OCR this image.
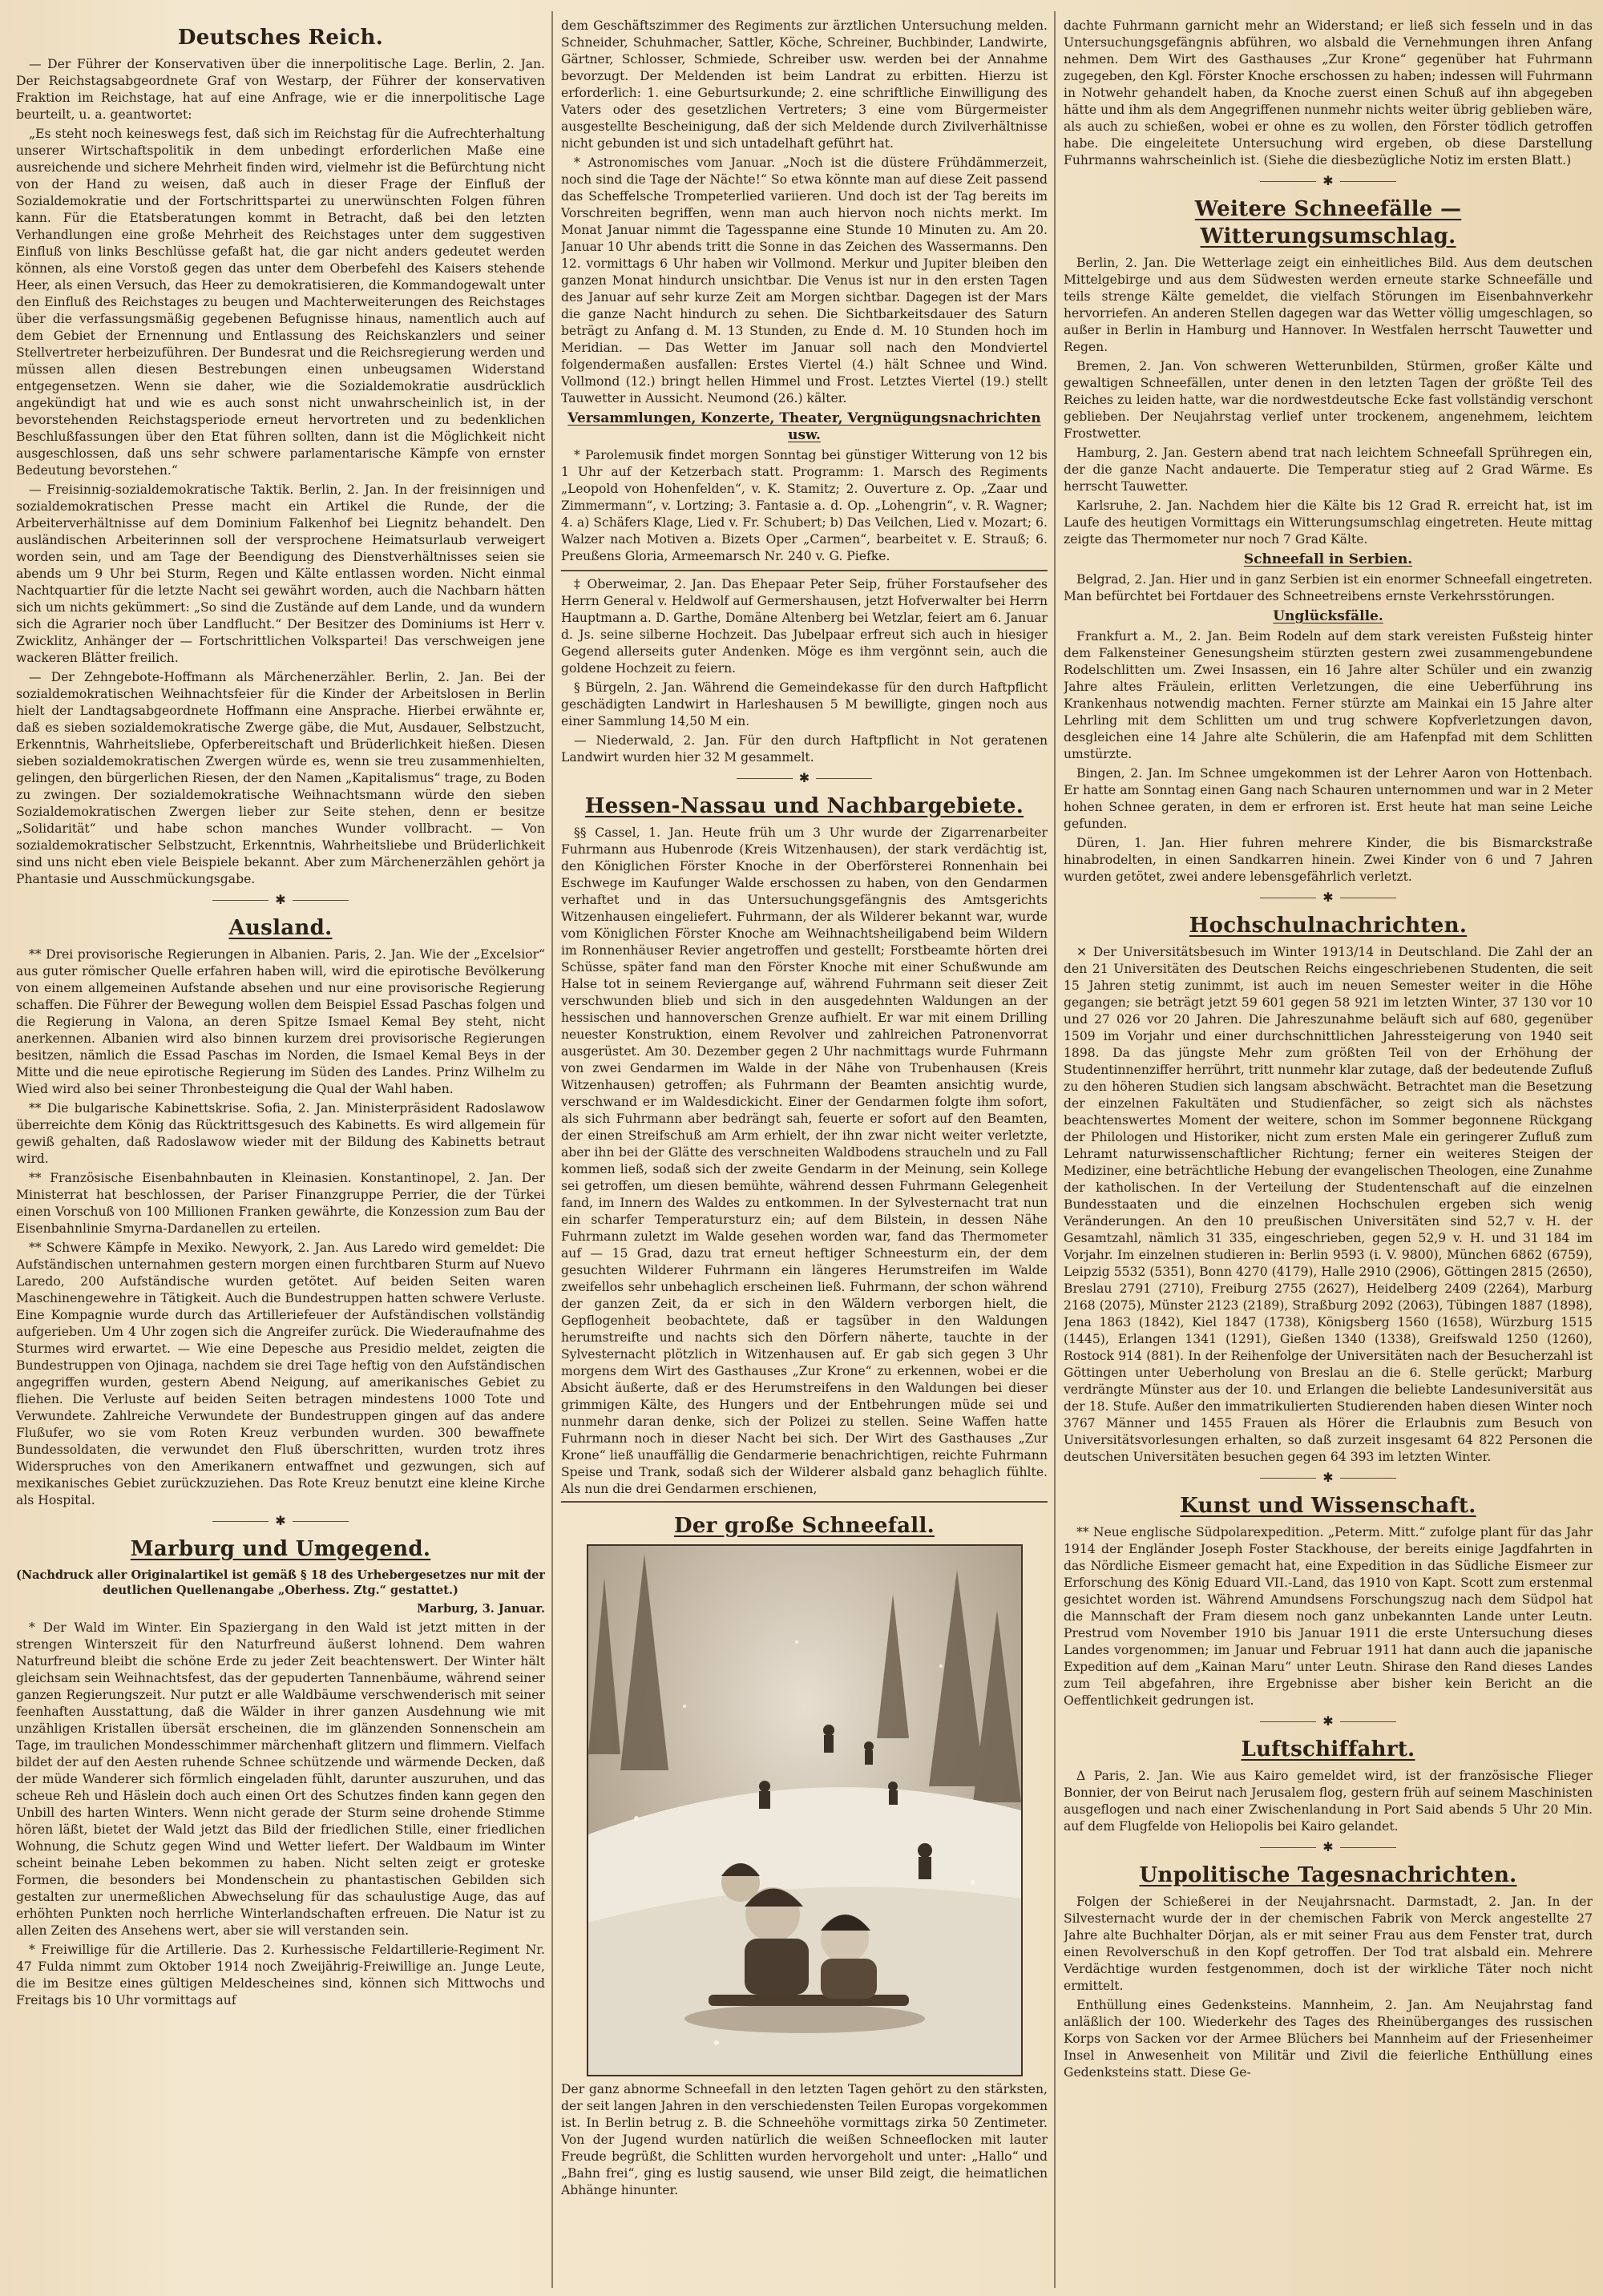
Deutsches Reich.

— Der Führer der Konservativen über die innerpolitische Lage. Berlin, 2. Jan. Der Reichstagsabgeordnete Graf von Westarp, der Führer der konservativen Fraktion im Reichstage, hat auf eine Anfrage, wie er die innerpolitische Lage beurteilt, u. a. geantwortet:

„Es steht noch keineswegs fest, daß sich im Reichstag für die Aufrechterhaltung unserer Wirtschaftspolitik in dem unbedingt erforderlichen Maße eine ausreichende und sichere Mehrheit finden wird, vielmehr ist die Befürchtung nicht von der Hand zu weisen, daß auch in dieser Frage der Einfluß der Sozialdemokratie und der Fortschrittspartei zu unerwünschten Folgen führen kann. Für die Etatsberatungen kommt in Betracht, daß bei den letzten Verhandlungen eine große Mehrheit des Reichstages unter dem suggestiven Einfluß von links Beschlüsse gefaßt hat, die gar nicht anders gedeutet werden können, als eine Vorstoß gegen das unter dem Oberbefehl des Kaisers stehende Heer, als einen Versuch, das Heer zu demokratisieren, die Kommandogewalt unter den Einfluß des Reichstages zu beugen und Machterweiterungen des Reichstages über die verfassungsmäßig gegebenen Befugnisse hinaus, namentlich auch auf dem Gebiet der Ernennung und Entlassung des Reichskanzlers und seiner Stellvertreter herbeizuführen. Der Bundesrat und die Reichsregierung werden und müssen allen diesen Bestrebungen einen unbeugsamen Widerstand entgegensetzen. Wenn sie daher, wie die Sozialdemokratie ausdrücklich angekündigt hat und wie es auch sonst nicht unwahrscheinlich ist, in der bevorstehenden Reichstagsperiode erneut hervortreten und zu bedenklichen Beschlußfassungen über den Etat führen sollten, dann ist die Möglichkeit nicht ausgeschlossen, daß uns sehr schwere parlamentarische Kämpfe von ernster Bedeutung bevorstehen.“

— Freisinnig-sozialdemokratische Taktik. Berlin, 2. Jan. In der freisinnigen und sozialdemokratischen Presse macht ein Artikel die Runde, der die Arbeiterverhältnisse auf dem Dominium Falkenhof bei Liegnitz behandelt. Den ausländischen Arbeiterinnen soll der versprochene Heimatsurlaub verweigert worden sein, und am Tage der Beendigung des Dienstverhältnisses seien sie abends um 9 Uhr bei Sturm, Regen und Kälte entlassen worden. Nicht einmal Nachtquartier für die letzte Nacht sei gewährt worden, auch die Nachbarn hätten sich um nichts gekümmert: „So sind die Zustände auf dem Lande, und da wundern sich die Agrarier noch über Landflucht.“ Der Besitzer des Dominiums ist Herr v. Zwicklitz, Anhänger der — Fortschrittlichen Volkspartei! Das verschweigen jene wackeren Blätter freilich.

— Der Zehngebote-Hoffmann als Märchenerzähler. Berlin, 2. Jan. Bei der sozialdemokratischen Weihnachtsfeier für die Kinder der Arbeitslosen in Berlin hielt der Landtagsabgeordnete Hoffmann eine Ansprache. Hierbei erwähnte er, daß es sieben sozialdemokratische Zwerge gäbe, die Mut, Ausdauer, Selbstzucht, Erkenntnis, Wahrheitsliebe, Opferbereitschaft und Brüderlichkeit hießen. Diesen sieben sozialdemokratischen Zwergen würde es, wenn sie treu zusammenhielten, gelingen, den bürgerlichen Riesen, der den Namen „Kapitalismus“ trage, zu Boden zu zwingen. Der sozialdemokratische Weihnachtsmann würde den sieben Sozialdemokratischen Zwergen lieber zur Seite stehen, denn er besitze „Solidarität“ und habe schon manches Wunder vollbracht. — Von sozialdemokratischer Selbstzucht, Erkenntnis, Wahrheitsliebe und Brüderlichkeit sind uns nicht eben viele Beispiele bekannt. Aber zum Märchenerzählen gehört ja Phantasie und Ausschmückungsgabe.

✱
Ausland.

** Drei provisorische Regierungen in Albanien. Paris, 2. Jan. Wie der „Excelsior“ aus guter römischer Quelle erfahren haben will, wird die epirotische Bevölkerung von einem allgemeinen Aufstande absehen und nur eine provisorische Regierung schaffen. Die Führer der Bewegung wollen dem Beispiel Essad Paschas folgen und die Regierung in Valona, an deren Spitze Ismael Kemal Bey steht, nicht anerkennen. Albanien wird also binnen kurzem drei provisorische Regierungen besitzen, nämlich die Essad Paschas im Norden, die Ismael Kemal Beys in der Mitte und die neue epirotische Regierung im Süden des Landes. Prinz Wilhelm zu Wied wird also bei seiner Thronbesteigung die Qual der Wahl haben.

** Die bulgarische Kabinettskrise. Sofia, 2. Jan. Ministerpräsident Radoslawow überreichte dem König das Rücktrittsgesuch des Kabinetts. Es wird allgemein für gewiß gehalten, daß Radoslawow wieder mit der Bildung des Kabinetts betraut wird.

** Französische Eisenbahnbauten in Kleinasien. Konstantinopel, 2. Jan. Der Ministerrat hat beschlossen, der Pariser Finanzgruppe Perrier, die der Türkei einen Vorschuß von 100 Millionen Franken gewährte, die Konzession zum Bau der Eisenbahnlinie Smyrna-Dardanellen zu erteilen.

** Schwere Kämpfe in Mexiko. Newyork, 2. Jan. Aus Laredo wird gemeldet: Die Aufständischen unternahmen gestern morgen einen furchtbaren Sturm auf Nuevo Laredo, 200 Aufständische wurden getötet. Auf beiden Seiten waren Maschinengewehre in Tätigkeit. Auch die Bundestruppen hatten schwere Verluste. Eine Kompagnie wurde durch das Artilleriefeuer der Aufständischen vollständig aufgerieben. Um 4 Uhr zogen sich die Angreifer zurück. Die Wiederaufnahme des Sturmes wird erwartet. — Wie eine Depesche aus Presidio meldet, zeigten die Bundestruppen von Ojinaga, nachdem sie drei Tage heftig von den Aufständischen angegriffen wurden, gestern Abend Neigung, auf amerikanisches Gebiet zu fliehen. Die Verluste auf beiden Seiten betragen mindestens 1000 Tote und Verwundete. Zahlreiche Verwundete der Bundestruppen gingen auf das andere Flußufer, wo sie vom Roten Kreuz verbunden wurden. 300 bewaffnete Bundessoldaten, die verwundet den Fluß überschritten, wurden trotz ihres Widerspruches von den Amerikanern entwaffnet und gezwungen, sich auf mexikanisches Gebiet zurückzuziehen. Das Rote Kreuz benutzt eine kleine Kirche als Hospital.

✱
Marburg und Umgegend.
(Nachdruck aller Originalartikel ist gemäß § 18 des Urhebergesetzes nur mit der deutlichen Quellenangabe „Oberhess. Ztg.“ gestattet.)
Marburg, 3. Januar.

* Der Wald im Winter. Ein Spaziergang in den Wald ist jetzt mitten in der strengen Winterszeit für den Naturfreund äußerst lohnend. Dem wahren Naturfreund bleibt die schöne Erde zu jeder Zeit beachtenswert. Der Winter hält gleichsam sein Weihnachtsfest, das der gepuderten Tannenbäume, während seiner ganzen Regierungszeit. Nur putzt er alle Waldbäume verschwenderisch mit seiner feenhaften Ausstattung, daß die Wälder in ihrer ganzen Ausdehnung wie mit unzähligen Kristallen übersät erscheinen, die im glänzenden Sonnenschein am Tage, im traulichen Mondesschimmer märchenhaft glitzern und flimmern. Vielfach bildet der auf den Aesten ruhende Schnee schützende und wärmende Decken, daß der müde Wanderer sich förmlich eingeladen fühlt, darunter auszuruhen, und das scheue Reh und Häslein doch auch einen Ort des Schutzes finden kann gegen den Unbill des harten Winters. Wenn nicht gerade der Sturm seine drohende Stimme hören läßt, bietet der Wald jetzt das Bild der friedlichen Stille, einer friedlichen Wohnung, die Schutz gegen Wind und Wetter liefert. Der Waldbaum im Winter scheint beinahe Leben bekommen zu haben. Nicht selten zeigt er groteske Formen, die besonders bei Mondenschein zu phantastischen Gebilden sich gestalten zur unermeßlichen Abwechselung für das schaulustige Auge, das auf erhöhten Punkten noch herrliche Winterlandschaften erfreuen. Die Natur ist zu allen Zeiten des Ansehens wert, aber sie will verstanden sein.

* Freiwillige für die Artillerie. Das 2. Kurhessische Feldartillerie-Regiment Nr. 47 Fulda nimmt zum Oktober 1914 noch Zweijährig-Freiwillige an. Junge Leute, die im Besitze eines gültigen Meldescheines sind, können sich Mittwochs und Freitags bis 10 Uhr vormittags auf

dem Geschäftszimmer des Regiments zur ärztlichen Untersuchung melden. Schneider, Schuhmacher, Sattler, Köche, Schreiner, Buchbinder, Landwirte, Gärtner, Schlosser, Schmiede, Schreiber usw. werden bei der Annahme bevorzugt. Der Meldenden ist beim Landrat zu erbitten. Hierzu ist erforderlich: 1. eine Geburtsurkunde; 2. eine schriftliche Einwilligung des Vaters oder des gesetzlichen Vertreters; 3 eine vom Bürgermeister ausgestellte Bescheinigung, daß der sich Meldende durch Zivilverhältnisse nicht gebunden ist und sich untadelhaft geführt hat.

* Astronomisches vom Januar. „Noch ist die düstere Frühdämmerzeit, noch sind die Tage der Nächte!“ So etwa könnte man auf diese Zeit passend das Scheffelsche Trompeterlied variieren. Und doch ist der Tag bereits im Vorschreiten begriffen, wenn man auch hiervon noch nichts merkt. Im Monat Januar nimmt die Tagesspanne eine Stunde 10 Minuten zu. Am 20. Januar 10 Uhr abends tritt die Sonne in das Zeichen des Wassermanns. Den 12. vormittags 6 Uhr haben wir Vollmond. Merkur und Jupiter bleiben den ganzen Monat hindurch unsichtbar. Die Venus ist nur in den ersten Tagen des Januar auf sehr kurze Zeit am Morgen sichtbar. Dagegen ist der Mars die ganze Nacht hindurch zu sehen. Die Sichtbarkeitsdauer des Saturn beträgt zu Anfang d. M. 13 Stunden, zu Ende d. M. 10 Stunden hoch im Meridian. — Das Wetter im Januar soll nach den Mondviertel folgendermaßen ausfallen: Erstes Viertel (4.) hält Schnee und Wind. Vollmond (12.) bringt hellen Himmel und Frost. Letztes Viertel (19.) stellt Tauwetter in Aussicht. Neumond (26.) kälter.

Versammlungen, Konzerte, Theater, Vergnügungsnachrichten usw.

* Parolemusik findet morgen Sonntag bei günstiger Witterung von 12 bis 1 Uhr auf der Ketzerbach statt. Programm: 1. Marsch des Regiments „Leopold von Hohenfelden“, v. K. Stamitz; 2. Ouverture z. Op. „Zaar und Zimmermann“, v. Lortzing; 3. Fantasie a. d. Op. „Lohengrin“, v. R. Wagner; 4. a) Schäfers Klage, Lied v. Fr. Schubert; b) Das Veilchen, Lied v. Mozart; 6. Walzer nach Motiven a. Bizets Oper „Carmen“, bearbeitet v. E. Strauß; 6. Preußens Gloria, Armeemarsch Nr. 240 v. G. Piefke.

‡ Oberweimar, 2. Jan. Das Ehepaar Peter Seip, früher Forstaufseher des Herrn General v. Heldwolf auf Germershausen, jetzt Hofverwalter bei Herrn Hauptmann a. D. Garthe, Domäne Altenberg bei Wetzlar, feiert am 6. Januar d. Js. seine silberne Hochzeit. Das Jubelpaar erfreut sich auch in hiesiger Gegend allerseits guter Andenken. Möge es ihm vergönnt sein, auch die goldene Hochzeit zu feiern.

§ Bürgeln, 2. Jan. Während die Gemeindekasse für den durch Haftpflicht geschädigten Landwirt in Harleshausen 5 M bewilligte, gingen noch aus einer Sammlung 14,50 M ein.

— Niederwald, 2. Jan. Für den durch Haftpflicht in Not geratenen Landwirt wurden hier 32 M gesammelt.

✱
Hessen-Nassau und Nachbargebiete.

§§ Cassel, 1. Jan. Heute früh um 3 Uhr wurde der Zigarrenarbeiter Fuhrmann aus Hubenrode (Kreis Witzenhausen), der stark verdächtig ist, den Königlichen Förster Knoche in der Oberförsterei Ronnenhain bei Eschwege im Kaufunger Walde erschossen zu haben, von den Gendarmen verhaftet und in das Untersuchungsgefängnis des Amtsgerichts Witzenhausen eingeliefert. Fuhrmann, der als Wilderer bekannt war, wurde vom Königlichen Förster Knoche am Weihnachtsheiligabend beim Wildern im Ronnenhäuser Revier angetroffen und gestellt; Forstbeamte hörten drei Schüsse, später fand man den Förster Knoche mit einer Schußwunde am Halse tot in seinem Reviergange auf, während Fuhrmann seit dieser Zeit verschwunden blieb und sich in den ausgedehnten Waldungen an der hessischen und hannoverschen Grenze aufhielt. Er war mit einem Drilling neuester Konstruktion, einem Revolver und zahlreichen Patronenvorrat ausgerüstet. Am 30. Dezember gegen 2 Uhr nachmittags wurde Fuhrmann von zwei Gendarmen im Walde in der Nähe von Trubenhausen (Kreis Witzenhausen) getroffen; als Fuhrmann der Beamten ansichtig wurde, verschwand er im Waldesdickicht. Einer der Gendarmen folgte ihm sofort, als sich Fuhrmann aber bedrängt sah, feuerte er sofort auf den Beamten, der einen Streifschuß am Arm erhielt, der ihn zwar nicht weiter verletzte, aber ihn bei der Glätte des verschneiten Waldbodens straucheln und zu Fall kommen ließ, sodaß sich der zweite Gendarm in der Meinung, sein Kollege sei getroffen, um diesen bemühte, während dessen Fuhrmann Gelegenheit fand, im Innern des Waldes zu entkommen. In der Sylvesternacht trat nun ein scharfer Temperatursturz ein; auf dem Bilstein, in dessen Nähe Fuhrmann zuletzt im Walde gesehen worden war, fand das Thermometer auf — 15 Grad, dazu trat erneut heftiger Schneesturm ein, der dem gesuchten Wilderer Fuhrmann ein längeres Herumstreifen im Walde zweifellos sehr unbehaglich erscheinen ließ. Fuhrmann, der schon während der ganzen Zeit, da er sich in den Wäldern verborgen hielt, die Gepflogenheit beobachtete, daß er tagsüber in den Waldungen herumstreifte und nachts sich den Dörfern näherte, tauchte in der Sylvesternacht plötzlich in Witzenhausen auf. Er gab sich gegen 3 Uhr morgens dem Wirt des Gasthauses „Zur Krone“ zu erkennen, wobei er die Absicht äußerte, daß er des Herumstreifens in den Waldungen bei dieser grimmigen Kälte, des Hungers und der Entbehrungen müde sei und nunmehr daran denke, sich der Polizei zu stellen. Seine Waffen hatte Fuhrmann noch in dieser Nacht bei sich. Der Wirt des Gasthauses „Zur Krone“ ließ unauffällig die Gendarmerie benachrichtigen, reichte Fuhrmann Speise und Trank, sodaß sich der Wilderer alsbald ganz behaglich fühlte. Als nun die drei Gendarmen erschienen,

Der große Schneefall.
Der ganz abnorme Schneefall in den letzten Tagen gehört zu den stärksten, der seit langen Jahren in den verschiedensten Teilen Europas vorgekommen ist. In Berlin betrug z. B. die Schneehöhe vormittags zirka 50 Zentimeter. Von der Jugend wurden natürlich die weißen Schneeflocken mit lauter Freude begrüßt, die Schlitten wurden hervorgeholt und unter: „Hallo“ und „Bahn frei“, ging es lustig sausend, wie unser Bild zeigt, die heimatlichen Abhänge hinunter.

dachte Fuhrmann garnicht mehr an Widerstand; er ließ sich fesseln und in das Untersuchungsgefängnis abführen, wo alsbald die Vernehmungen ihren Anfang nehmen. Dem Wirt des Gasthauses „Zur Krone“ gegenüber hat Fuhrmann zugegeben, den Kgl. Förster Knoche erschossen zu haben; indessen will Fuhrmann in Notwehr gehandelt haben, da Knoche zuerst einen Schuß auf ihn abgegeben hätte und ihm als dem Angegriffenen nunmehr nichts weiter übrig geblieben wäre, als auch zu schießen, wobei er ohne es zu wollen, den Förster tödlich getroffen habe. Die eingeleitete Untersuchung wird ergeben, ob diese Darstellung Fuhrmanns wahrscheinlich ist. (Siehe die diesbezügliche Notiz im ersten Blatt.)

✱
Weitere Schneefälle — Witterungsumschlag.

Berlin, 2. Jan. Die Wetterlage zeigt ein einheitliches Bild. Aus dem deutschen Mittelgebirge und aus dem Südwesten werden erneute starke Schneefälle und teils strenge Kälte gemeldet, die vielfach Störungen im Eisenbahnverkehr hervorriefen. An anderen Stellen dagegen war das Wetter völlig umgeschlagen, so außer in Berlin in Hamburg und Hannover. In Westfalen herrscht Tauwetter und Regen.

Bremen, 2. Jan. Von schweren Wetterunbilden, Stürmen, großer Kälte und gewaltigen Schneefällen, unter denen in den letzten Tagen der größte Teil des Reiches zu leiden hatte, war die nordwestdeutsche Ecke fast vollständig verschont geblieben. Der Neujahrstag verlief unter trockenem, angenehmem, leichtem Frostwetter.

Hamburg, 2. Jan. Gestern abend trat nach leichtem Schneefall Sprühregen ein, der die ganze Nacht andauerte. Die Temperatur stieg auf 2 Grad Wärme. Es herrscht Tauwetter.

Karlsruhe, 2. Jan. Nachdem hier die Kälte bis 12 Grad R. erreicht hat, ist im Laufe des heutigen Vormittags ein Witterungsumschlag eingetreten. Heute mittag zeigte das Thermometer nur noch 7 Grad Kälte.

Schneefall in Serbien.

Belgrad, 2. Jan. Hier und in ganz Serbien ist ein enormer Schneefall eingetreten. Man befürchtet bei Fortdauer des Schneetreibens ernste Verkehrsstörungen.

Unglücksfälle.

Frankfurt a. M., 2. Jan. Beim Rodeln auf dem stark vereisten Fußsteig hinter dem Falkensteiner Genesungsheim stürzten gestern zwei zusammengebundene Rodelschlitten um. Zwei Insassen, ein 16 Jahre alter Schüler und ein zwanzig Jahre altes Fräulein, erlitten Verletzungen, die eine Ueberführung ins Krankenhaus notwendig machten. Ferner stürzte am Mainkai ein 15 Jahre alter Lehrling mit dem Schlitten um und trug schwere Kopfverletzungen davon, desgleichen eine 14 Jahre alte Schülerin, die am Hafenpfad mit dem Schlitten umstürzte.

Bingen, 2. Jan. Im Schnee umgekommen ist der Lehrer Aaron von Hottenbach. Er hatte am Sonntag einen Gang nach Schauren unternommen und war in 2 Meter hohen Schnee geraten, in dem er erfroren ist. Erst heute hat man seine Leiche gefunden.

Düren, 1. Jan. Hier fuhren mehrere Kinder, die bis Bismarckstraße hinabrodelten, in einen Sandkarren hinein. Zwei Kinder von 6 und 7 Jahren wurden getötet, zwei andere lebensgefährlich verletzt.

✱
Hochschulnachrichten.

✕ Der Universitätsbesuch im Winter 1913/14 in Deutschland. Die Zahl der an den 21 Universitäten des Deutschen Reichs eingeschriebenen Studenten, die seit 15 Jahren stetig zunimmt, ist auch im neuen Semester weiter in die Höhe gegangen; sie beträgt jetzt 59 601 gegen 58 921 im letzten Winter, 37 130 vor 10 und 27 026 vor 20 Jahren. Die Jahreszunahme beläuft sich auf 680, gegenüber 1509 im Vorjahr und einer durchschnittlichen Jahressteigerung von 1940 seit 1898. Da das jüngste Mehr zum größten Teil von der Erhöhung der Studentinnenziffer herrührt, tritt nunmehr klar zutage, daß der bedeutende Zufluß zu den höheren Studien sich langsam abschwächt. Betrachtet man die Besetzung der einzelnen Fakultäten und Studienfächer, so zeigt sich als nächstes beachtenswertes Moment der weitere, schon im Sommer begonnene Rückgang der Philologen und Historiker, nicht zum ersten Male ein geringerer Zufluß zum Lehramt naturwissenschaftlicher Richtung; ferner ein weiteres Steigen der Mediziner, eine beträchtliche Hebung der evangelischen Theologen, eine Zunahme der katholischen. In der Verteilung der Studentenschaft auf die einzelnen Bundesstaaten und die einzelnen Hochschulen ergeben sich wenig Veränderungen. An den 10 preußischen Universitäten sind 52,7 v. H. der Gesamtzahl, nämlich 31 335, eingeschrieben, gegen 52,9 v. H. und 31 184 im Vorjahr. Im einzelnen studieren in: Berlin 9593 (i. V. 9800), München 6862 (6759), Leipzig 5532 (5351), Bonn 4270 (4179), Halle 2910 (2906), Göttingen 2815 (2650), Breslau 2791 (2710), Freiburg 2755 (2627), Heidelberg 2409 (2264), Marburg 2168 (2075), Münster 2123 (2189), Straßburg 2092 (2063), Tübingen 1887 (1898), Jena 1863 (1842), Kiel 1847 (1738), Königsberg 1560 (1658), Würzburg 1515 (1445), Erlangen 1341 (1291), Gießen 1340 (1338), Greifswald 1250 (1260), Rostock 914 (881). In der Reihenfolge der Universitäten nach der Besucherzahl ist Göttingen unter Ueberholung von Breslau an die 6. Stelle gerückt; Marburg verdrängte Münster aus der 10. und Erlangen die beliebte Landesuniversität aus der 18. Stufe. Außer den immatrikulierten Studierenden haben diesen Winter noch 3767 Männer und 1455 Frauen als Hörer die Erlaubnis zum Besuch von Universitätsvorlesungen erhalten, so daß zurzeit insgesamt 64 822 Personen die deutschen Universitäten besuchen gegen 64 393 im letzten Winter.

✱
Kunst und Wissenschaft.

** Neue englische Südpolarexpedition. „Peterm. Mitt.“ zufolge plant für das Jahr 1914 der Engländer Joseph Foster Stackhouse, der bereits einige Jagdfahrten in das Nördliche Eismeer gemacht hat, eine Expedition in das Südliche Eismeer zur Erforschung des König Eduard VII.-Land, das 1910 von Kapt. Scott zum erstenmal gesichtet worden ist. Während Amundsens Forschungszug nach dem Südpol hat die Mannschaft der Fram diesem noch ganz unbekannten Lande unter Leutn. Prestrud vom November 1910 bis Januar 1911 die erste Untersuchung dieses Landes vorgenommen; im Januar und Februar 1911 hat dann auch die japanische Expedition auf dem „Kainan Maru“ unter Leutn. Shirase den Rand dieses Landes zum Teil abgefahren, ihre Ergebnisse aber bisher kein Bericht an die Oeffentlichkeit gedrungen ist.

✱
Luftschiffahrt.

Δ Paris, 2. Jan. Wie aus Kairo gemeldet wird, ist der französische Flieger Bonnier, der von Beirut nach Jerusalem flog, gestern früh auf seinem Maschinisten ausgeflogen und nach einer Zwischenlandung in Port Said abends 5 Uhr 20 Min. auf dem Flugfelde von Heliopolis bei Kairo gelandet.

✱
Unpolitische Tagesnachrichten.

Folgen der Schießerei in der Neujahrsnacht. Darmstadt, 2. Jan. In der Silvesternacht wurde der in der chemischen Fabrik von Merck angestellte 27 Jahre alte Buchhalter Dörjan, als er mit seiner Frau aus dem Fenster trat, durch einen Revolverschuß in den Kopf getroffen. Der Tod trat alsbald ein. Mehrere Verdächtige wurden festgenommen, doch ist der wirkliche Täter noch nicht ermittelt.

Enthüllung eines Gedenksteins. Mannheim, 2. Jan. Am Neujahrstag fand anläßlich der 100. Wiederkehr des Tages des Rheinüberganges des russischen Korps von Sacken vor der Armee Blüchers bei Mannheim auf der Friesenheimer Insel in Anwesenheit von Militär und Zivil die feierliche Enthüllung eines Gedenksteins statt. Diese Ge-
